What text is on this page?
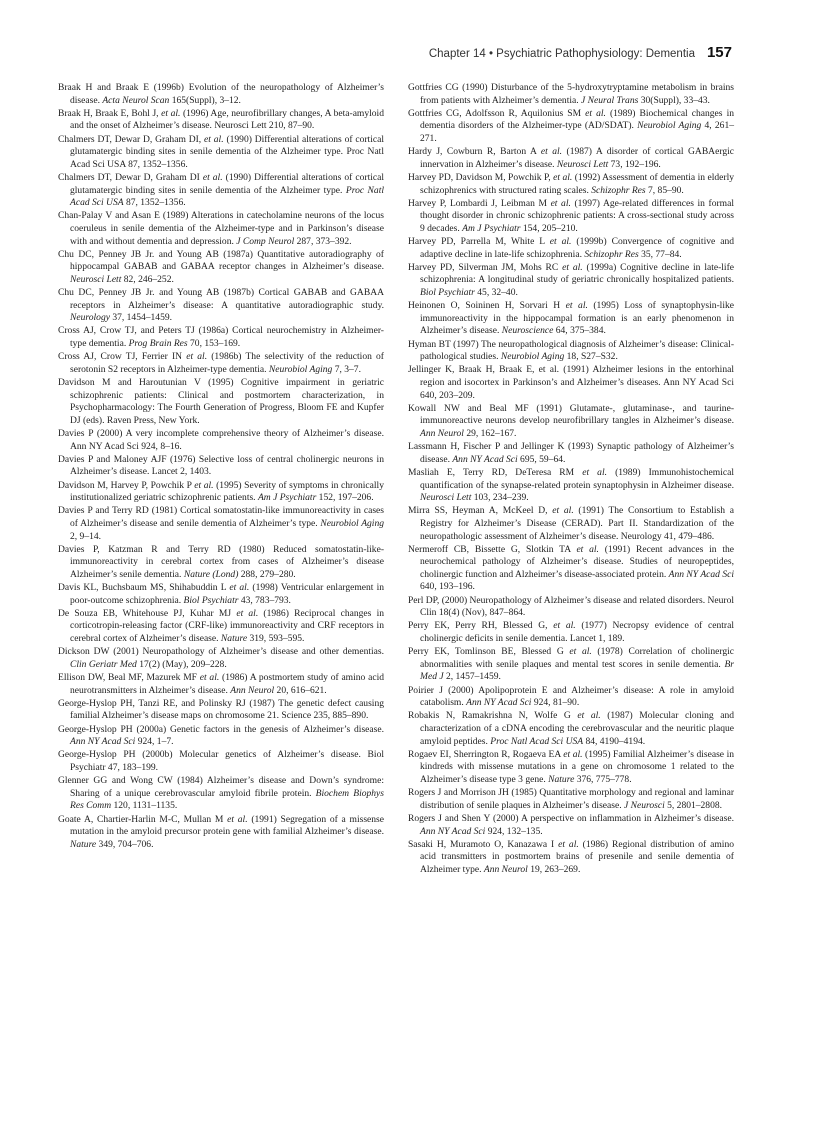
Chapter 14 • Psychiatric Pathophysiology: Dementia 157

Braak H and Braak E (1996b) Evolution of the neuropathology of Alzheimer’s disease. Acta Neurol Scan 165(Suppl), 3–12.

Braak H, Braak E, Bohl J, et al. (1996) Age, neurofibrillary changes, A beta-amyloid and the onset of Alzheimer’s disease. Neurosci Lett 210, 87–90.

Chalmers DT, Dewar D, Graham DI, et al. (1990) Differential alterations of cortical glutamatergic binding sites in senile dementia of the Alzheimer type. Proc Natl Acad Sci USA 87, 1352–1356.

Chalmers DT, Dewar D, Graham DI et al. (1990) Differential alterations of cortical glutamatergic binding sites in senile dementia of the Alzheimer type. Proc Natl Acad Sci USA 87, 1352–1356.

Chan-Palay V and Asan E (1989) Alterations in catecholamine neurons of the locus coeruleus in senile dementia of the Alzheimer-type and in Parkinson’s disease with and without dementia and depression. J Comp Neurol 287, 373–392.

Chu DC, Penney JB Jr. and Young AB (1987a) Quantitative autoradiography of hippocampal GABAB and GABAA receptor changes in Alzheimer’s disease. Neurosci Lett 82, 246–252.

Chu DC, Penney JB Jr. and Young AB (1987b) Cortical GABAB and GABAA receptors in Alzheimer’s disease: A quantitative autoradiographic study. Neurology 37, 1454–1459.

Cross AJ, Crow TJ, and Peters TJ (1986a) Cortical neurochemistry in Alzheimer-type dementia. Prog Brain Res 70, 153–169.

Cross AJ, Crow TJ, Ferrier IN et al. (1986b) The selectivity of the reduction of serotonin S2 receptors in Alzheimer-type dementia. Neurobiol Aging 7, 3–7.

Davidson M and Haroutunian V (1995) Cognitive impairment in geriatric schizophrenic patients: Clinical and postmortem characterization, in Psychopharmacology: The Fourth Generation of Progress, Bloom FE and Kupfer DJ (eds). Raven Press, New York.

Davies P (2000) A very incomplete comprehensive theory of Alzheimer’s disease. Ann NY Acad Sci 924, 8–16.

Davies P and Maloney AJF (1976) Selective loss of central cholinergic neurons in Alzheimer’s disease. Lancet 2, 1403.

Davidson M, Harvey P, Powchik P et al. (1995) Severity of symptoms in chronically institutionalized geriatric schizophrenic patients. Am J Psychiatr 152, 197–206.

Davies P and Terry RD (1981) Cortical somatostatin-like immunoreactivity in cases of Alzheimer’s disease and senile dementia of Alzheimer’s type. Neurobiol Aging 2, 9–14.

Davies P, Katzman R and Terry RD (1980) Reduced somatostatin-like-immunoreactivity in cerebral cortex from cases of Alzheimer’s disease Alzheimer’s senile dementia. Nature (Lond) 288, 279–280.

Davis KL, Buchsbaum MS, Shihabuddin L et al. (1998) Ventricular enlargement in poor-outcome schizophrenia. Biol Psychiatr 43, 783–793.

De Souza EB, Whitehouse PJ, Kuhar MJ et al. (1986) Reciprocal changes in corticotropin-releasing factor (CRF-like) immunoreactivity and CRF receptors in cerebral cortex of Alzheimer’s disease. Nature 319, 593–595.

Dickson DW (2001) Neuropathology of Alzheimer’s disease and other dementias. Clin Geriatr Med 17(2) (May), 209–228.

Ellison DW, Beal MF, Mazurek MF et al. (1986) A postmortem study of amino acid neurotransmitters in Alzheimer’s disease. Ann Neurol 20, 616–621.

George-Hyslop PH, Tanzi RE, and Polinsky RJ (1987) The genetic defect causing familial Alzheimer’s disease maps on chromosome 21. Science 235, 885–890.

George-Hyslop PH (2000a) Genetic factors in the genesis of Alzheimer’s disease. Ann NY Acad Sci 924, 1–7.

George-Hyslop PH (2000b) Molecular genetics of Alzheimer’s disease. Biol Psychiatr 47, 183–199.

Glenner GG and Wong CW (1984) Alzheimer’s disease and Down’s syndrome: Sharing of a unique cerebrovascular amyloid fibrile protein. Biochem Biophys Res Comm 120, 1131–1135.

Goate A, Chartier-Harlin M-C, Mullan M et al. (1991) Segregation of a missense mutation in the amyloid precursor protein gene with familial Alzheimer’s disease. Nature 349, 704–706.

Gottfries CG (1990) Disturbance of the 5-hydroxytryptamine metabolism in brains from patients with Alzheimer’s dementia. J Neural Trans 30(Suppl), 33–43.

Gottfries CG, Adolfsson R, Aquilonius SM et al. (1989) Biochemical changes in dementia disorders of the Alzheimer-type (AD/SDAT). Neurobiol Aging 4, 261–271.

Hardy J, Cowburn R, Barton A et al. (1987) A disorder of cortical GABAergic innervation in Alzheimer’s disease. Neurosci Lett 73, 192–196.

Harvey PD, Davidson M, Powchik P, et al. (1992) Assessment of dementia in elderly schizophrenics with structured rating scales. Schizophr Res 7, 85–90.

Harvey P, Lombardi J, Leibman M et al. (1997) Age-related differences in formal thought disorder in chronic schizophrenic patients: A cross-sectional study across 9 decades. Am J Psychiatr 154, 205–210.

Harvey PD, Parrella M, White L et al. (1999b) Convergence of cognitive and adaptive decline in late-life schizophrenia. Schizophr Res 35, 77–84.

Harvey PD, Silverman JM, Mohs RC et al. (1999a) Cognitive decline in late-life schizophrenia: A longitudinal study of geriatric chronically hospitalized patients. Biol Psychiatr 45, 32–40.

Heinonen O, Soininen H, Sorvari H et al. (1995) Loss of synaptophysin-like immunoreactivity in the hippocampal formation is an early phenomenon in Alzheimer’s disease. Neuroscience 64, 375–384.

Hyman BT (1997) The neuropathological diagnosis of Alzheimer’s disease: Clinical-pathological studies. Neurobiol Aging 18, S27–S32.

Jellinger K, Braak H, Braak E, et al. (1991) Alzheimer lesions in the entorhinal region and isocortex in Parkinson’s and Alzheimer’s diseases. Ann NY Acad Sci 640, 203–209.

Kowall NW and Beal MF (1991) Glutamate-, glutaminase-, and taurine-immunoreactive neurons develop neurofibrillary tangles in Alzheimer’s disease. Ann Neurol 29, 162–167.

Lassmann H, Fischer P and Jellinger K (1993) Synaptic pathology of Alzheimer’s disease. Ann NY Acad Sci 695, 59–64.

Masliah E, Terry RD, DeTeresa RM et al. (1989) Immunohistochemical quantification of the synapse-related protein synaptophysin in Alzheimer disease. Neurosci Lett 103, 234–239.

Mirra SS, Heyman A, McKeel D, et al. (1991) The Consortium to Establish a Registry for Alzheimer’s Disease (CERAD). Part II. Standardization of the neuropathologic assessment of Alzheimer’s disease. Neurology 41, 479–486.

Nermeroff CB, Bissette G, Slotkin TA et al. (1991) Recent advances in the neurochemical pathology of Alzheimer’s disease. Studies of neuropeptides, cholinergic function and Alzheimer’s disease-associated protein. Ann NY Acad Sci 640, 193–196.

Perl DP, (2000) Neuropathology of Alzheimer’s disease and related disorders. Neurol Clin 18(4) (Nov), 847–864.

Perry EK, Perry RH, Blessed G, et al. (1977) Necropsy evidence of central cholinergic deficits in senile dementia. Lancet 1, 189.

Perry EK, Tomlinson BE, Blessed G et al. (1978) Correlation of cholinergic abnormalities with senile plaques and mental test scores in senile dementia. Br Med J 2, 1457–1459.

Poirier J (2000) Apolipoprotein E and Alzheimer’s disease: A role in amyloid catabolism. Ann NY Acad Sci 924, 81–90.

Robakis N, Ramakrishna N, Wolfe G et al. (1987) Molecular cloning and characterization of a cDNA encoding the cerebrovascular and the neuritic plaque amyloid peptides. Proc Natl Acad Sci USA 84, 4190–4194.

Rogaev EI, Sherrington R, Rogaeva EA et al. (1995) Familial Alzheimer’s disease in kindreds with missense mutations in a gene on chromosome 1 related to the Alzheimer’s disease type 3 gene. Nature 376, 775–778.

Rogers J and Morrison JH (1985) Quantitative morphology and regional and laminar distribution of senile plaques in Alzheimer’s disease. J Neurosci 5, 2801–2808.

Rogers J and Shen Y (2000) A perspective on inflammation in Alzheimer’s disease. Ann NY Acad Sci 924, 132–135.

Sasaki H, Muramoto O, Kanazawa I et al. (1986) Regional distribution of amino acid transmitters in postmortem brains of presenile and senile dementia of Alzheimer type. Ann Neurol 19, 263–269.
